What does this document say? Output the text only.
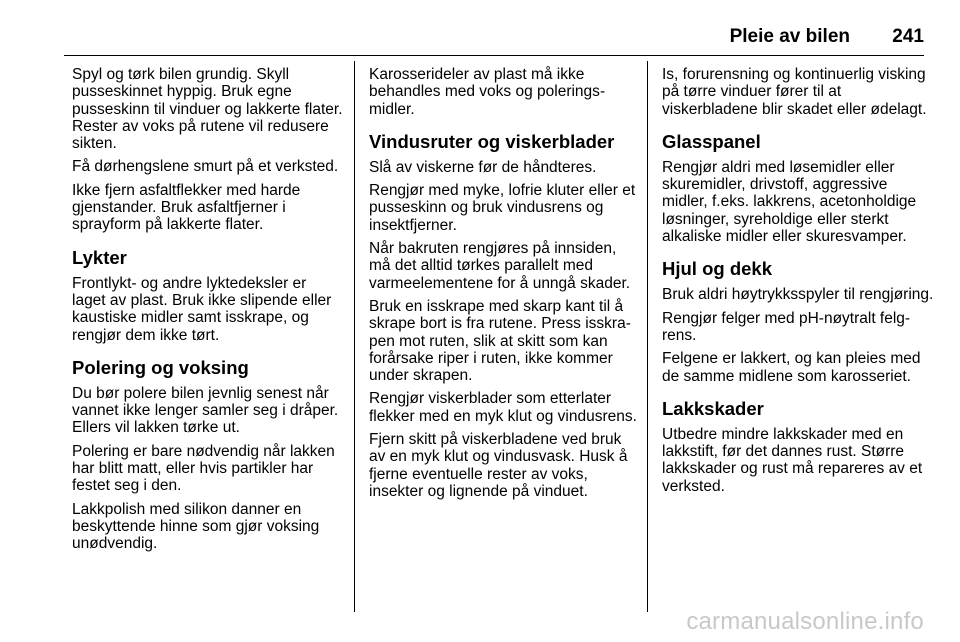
Pleie av bilen 241

Spyl og tørk bilen grundig. Skyll pusseskinnet hyppig. Bruk egne pusseskinn til vinduer og lakkerte flater. Rester av voks på rutene vil redusere sikten.

Få dørhengslene smurt på et verksted.

Ikke fjern asfaltflekker med harde gjenstander. Bruk asfaltfjerner i sprayform på lakkerte flater.

Lykter

Frontlykt- og andre lyktedeksler er laget av plast. Bruk ikke slipende eller kaustiske midler samt isskrape, og rengjør dem ikke tørt.

Polering og voksing

Du bør polere bilen jevnlig senest når vannet ikke lenger samler seg i dråper. Ellers vil lakken tørke ut.

Polering er bare nødvendig når lakken har blitt matt, eller hvis partikler har festet seg i den.

Lakkpolish med silikon danner en beskyttende hinne som gjør voksing unødvendig.

Karosserideler av plast må ikke behandles med voks og poleringsmidler.

Vindusruter og viskerblader

Slå av viskerne før de håndteres.

Rengjør med myke, lofrie kluter eller et pusseskinn og bruk vindusrens og insektfjerner.

Når bakruten rengjøres på innsiden, må det alltid tørkes parallelt med varmeelementene for å unngå skader.

Bruk en isskrape med skarp kant til å skrape bort is fra rutene. Press isskrapen mot ruten, slik at skitt som kan forårsake riper i ruten, ikke kommer under skrapen.

Rengjør viskerblader som etterlater flekker med en myk klut og vindusrens.

Fjern skitt på viskerbladene ved bruk av en myk klut og vindusvask. Husk å fjerne eventuelle rester av voks, insekter og lignende på vinduet.

Is, forurensning og kontinuerlig visking på tørre vinduer fører til at viskerbladene blir skadet eller ødelagt.

Glasspanel

Rengjør aldri med løsemidler eller skuremidler, drivstoff, aggressive midler, f.eks. lakkrens, acetonholdige løsninger, syreholdige eller sterkt alkaliske midler eller skuresvamper.

Hjul og dekk

Bruk aldri høytrykksspyler til rengjøring.

Rengjør felger med pH-nøytralt felgrens.

Felgene er lakkert, og kan pleies med de samme midlene som karosseriet.

Lakkskader

Utbedre mindre lakkskader med en lakkstift, før det dannes rust. Større lakkskader og rust må repareres av et verksted.

carmanualsonline.info
